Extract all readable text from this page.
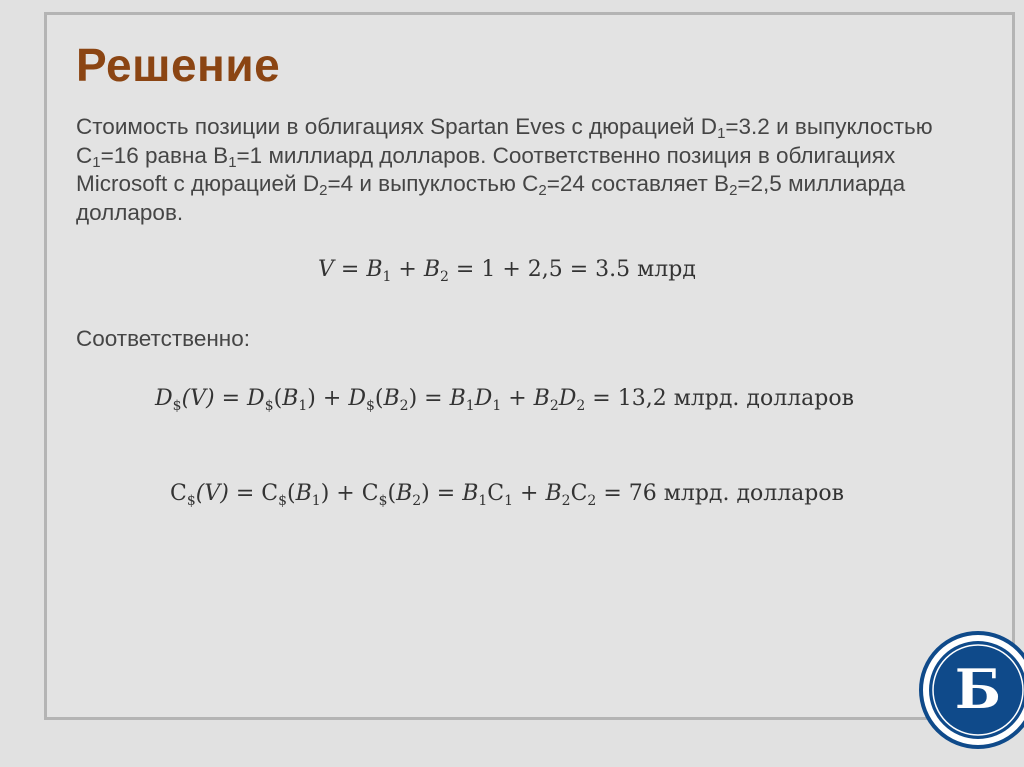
Решение
Стоимость позиции в облигациях Spartan Eves с дюрацией $D_1=3.2$ и выпуклостью $C_1=16$ равна $B_1=1$ миллиард долларов. Соответственно позиция в облигациях Microsoft с дюрацией $D_2=4$ и выпуклостью $C_2=24$ составляет $B_2=2,5$ миллиарда долларов.
$V = B_1 + B_2 = 1 + 2,5 = 3.5$ млрд
Соответственно:
$D_{\$}(V) = D_{\$}(B_1) + D_{\$}(B_2) = B_1D_1 + B_2D_2 = 13,2$ млрд. долларов
$C_{\$}(V) = C_{\$}(B_1) + C_{\$}(B_2) = B_1C_1 + B_2C_2 = 76$ млрд. долларов
Б
